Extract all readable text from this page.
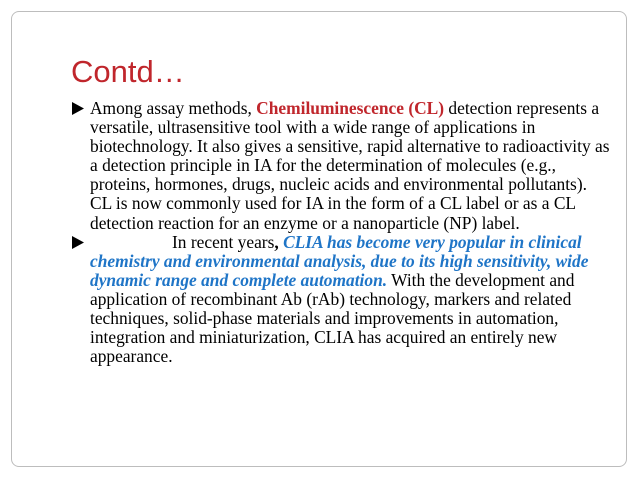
Contd…

Among assay methods, Chemiluminescence (CL) detection represents a versatile, ultrasensitive tool with a wide range of applications in biotechnology. It also gives a sensitive, rapid alternative to radioactivity as a detection principle in IA for the determination of molecules (e.g., proteins, hormones, drugs, nucleic acids and environmental pollutants). CL is now commonly used for IA in the form of a CL label or as a CL detection reaction for an enzyme or a nanoparticle (NP) label.

In recent years, CLIA has become very popular in clinical chemistry and environmental analysis, due to its high sensitivity, wide dynamic range and complete automation. With the development and application of recombinant Ab (rAb) technology, markers and related techniques, solid-phase materials and improvements in automation, integration and miniaturization, CLIA has acquired an entirely new appearance.
